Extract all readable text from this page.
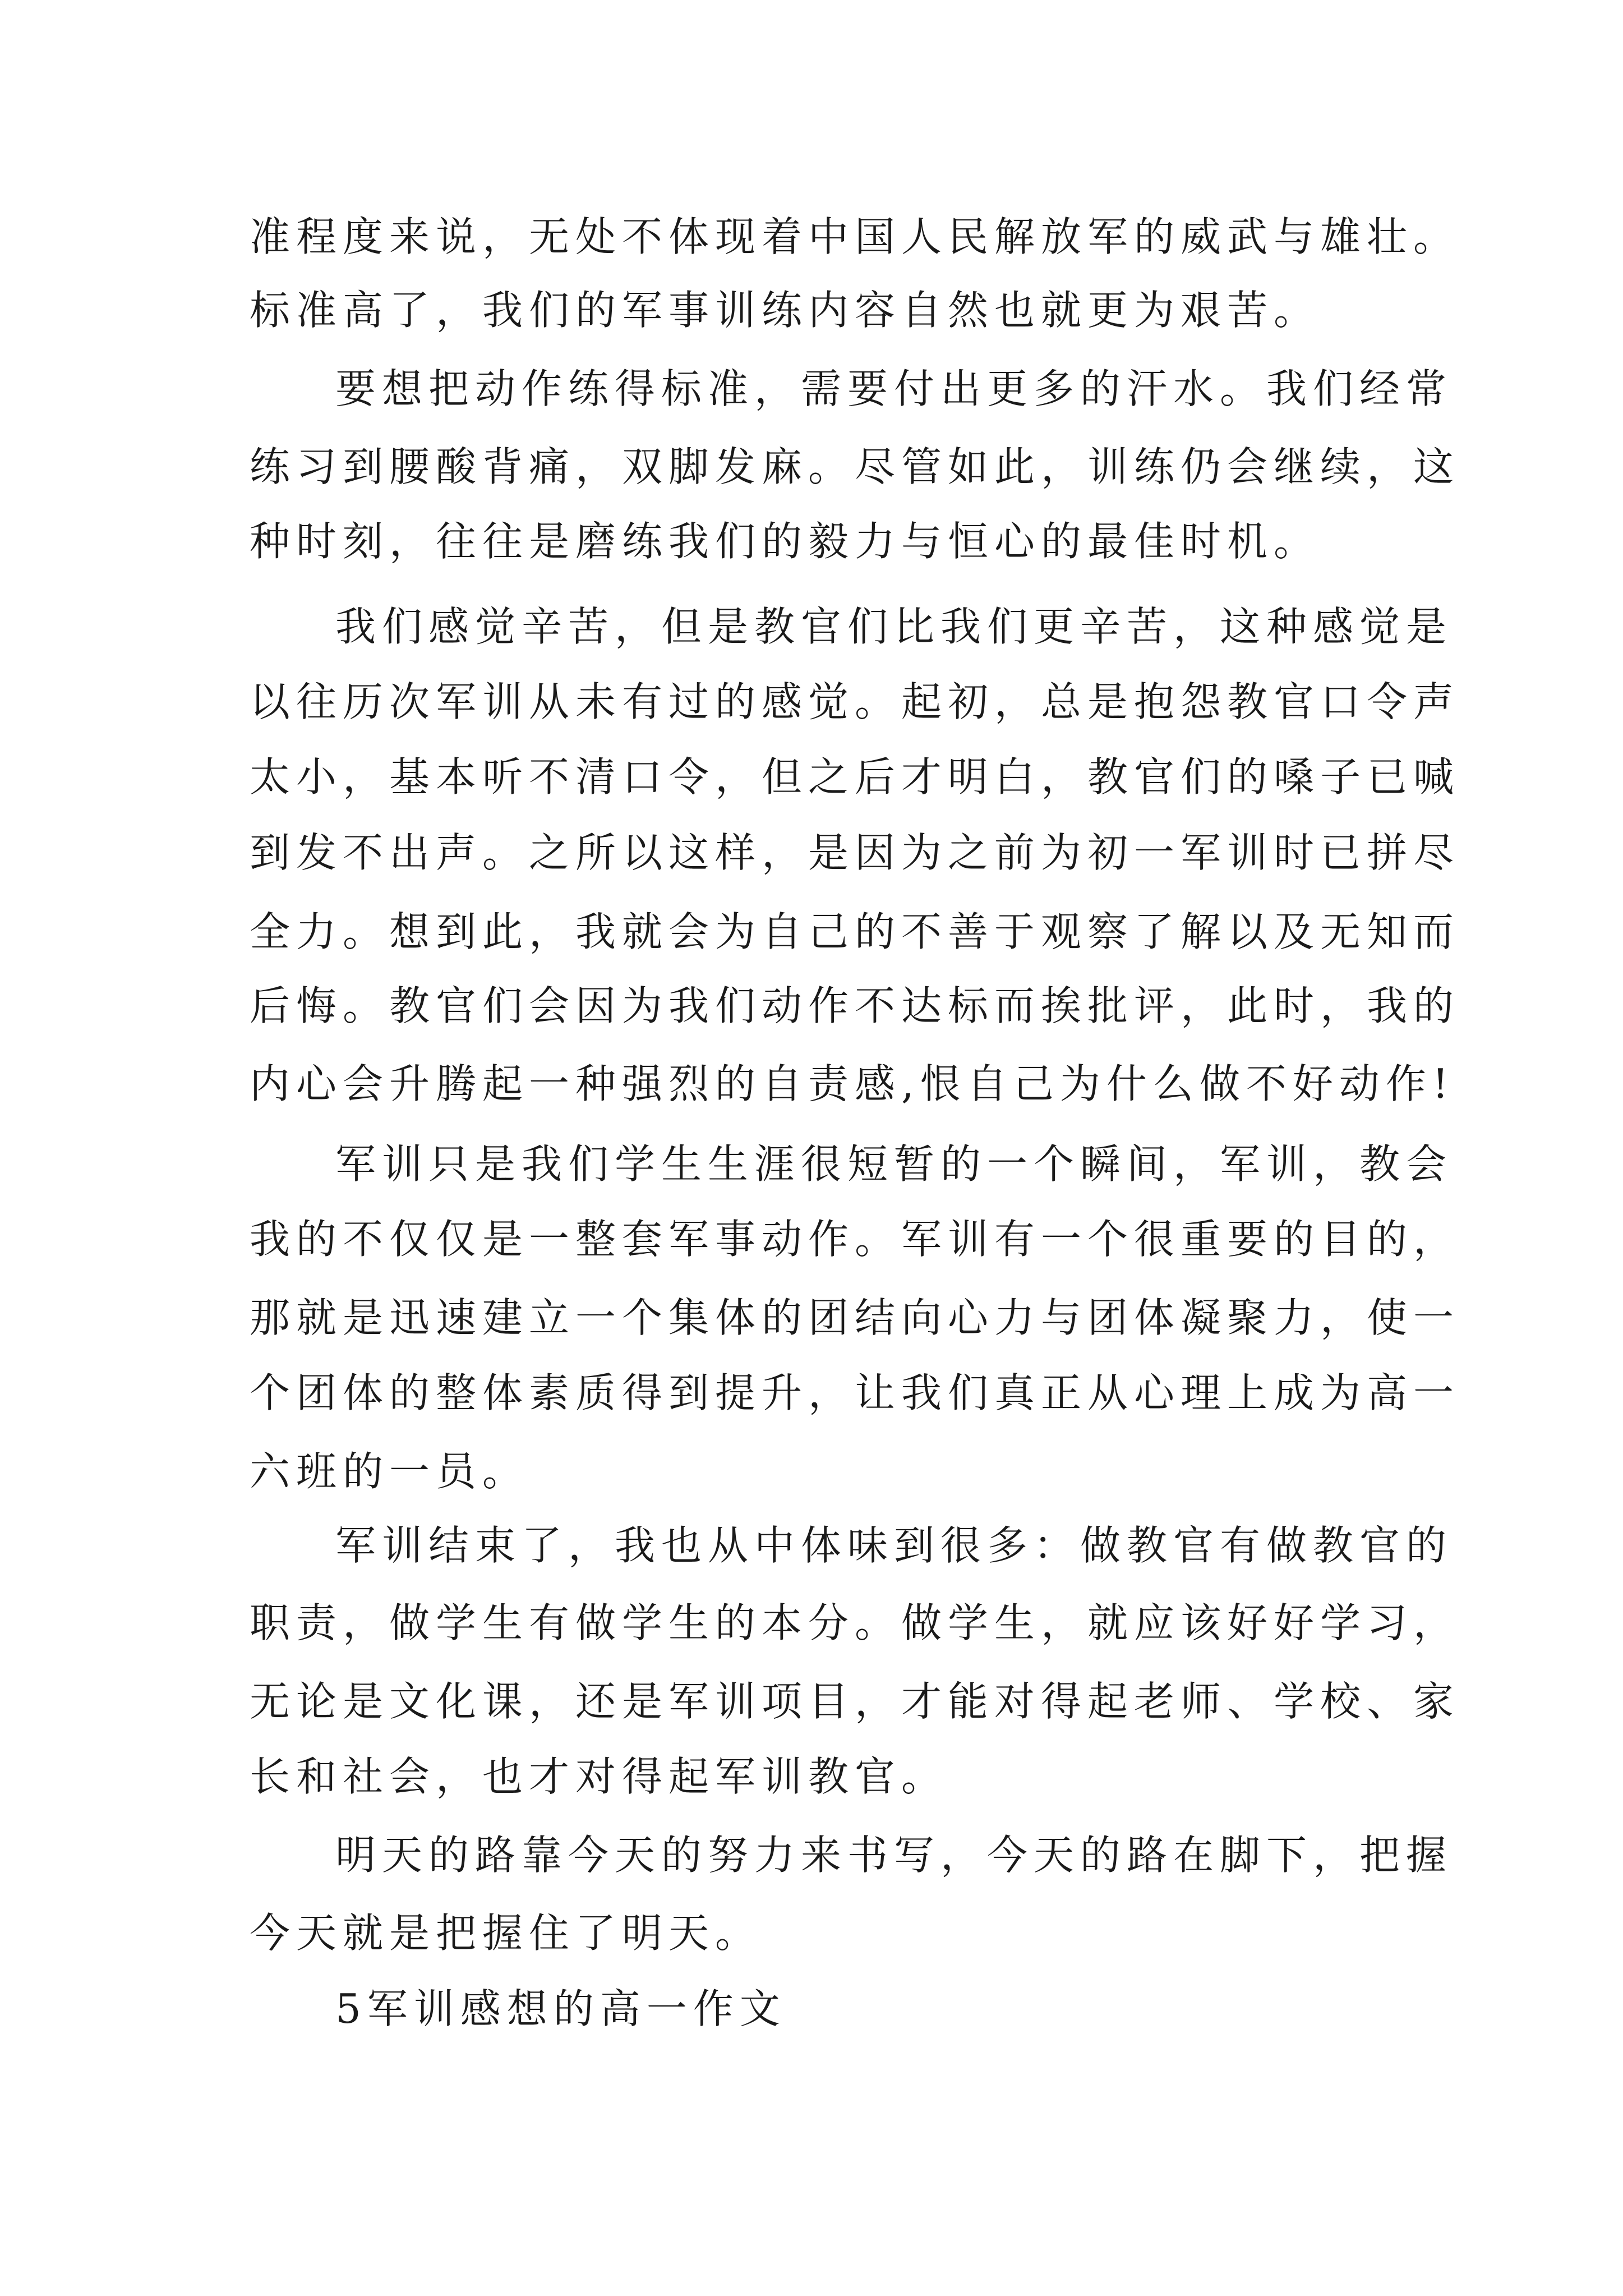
准程度来说，无处不体现着中国人民解放军的威武与雄壮。
标准高了，我们的军事训练内容自然也就更为艰苦。
要想把动作练得标准，需要付出更多的汗水。我们经常
练习到腰酸背痛，双脚发麻。尽管如此，训练仍会继续，这
种时刻，往往是磨练我们的毅力与恒心的最佳时机。
我们感觉辛苦，但是教官们比我们更辛苦，这种感觉是
以往历次军训从未有过的感觉。起初，总是抱怨教官口令声
太小，基本听不清口令，但之后才明白，教官们的嗓子已喊
到发不出声。之所以这样，是因为之前为初一军训时已拼尽
全力。想到此，我就会为自己的不善于观察了解以及无知而
后悔。教官们会因为我们动作不达标而挨批评，此时，我的
内心会升腾起一种强烈的自责感,恨自己为什么做不好动作!
军训只是我们学生生涯很短暂的一个瞬间，军训，教会
我的不仅仅是一整套军事动作。军训有一个很重要的目的，
那就是迅速建立一个集体的团结向心力与团体凝聚力，使一
个团体的整体素质得到提升，让我们真正从心理上成为高一
六班的一员。
军训结束了，我也从中体味到很多：做教官有做教官的
职责，做学生有做学生的本分。做学生，就应该好好学习，
无论是文化课，还是军训项目，才能对得起老师、学校、家
长和社会，也才对得起军训教官。
明天的路靠今天的努力来书写，今天的路在脚下，把握
今天就是把握住了明天。
5军训感想的高一作文
